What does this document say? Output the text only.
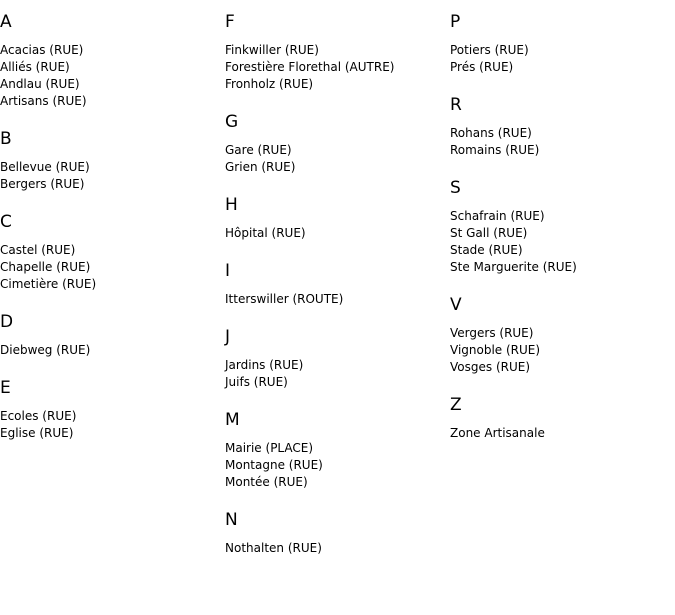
A
Acacias (RUE)
Alliés (RUE)
Andlau (RUE)
Artisans (RUE)
B
Bellevue (RUE)
Bergers (RUE)
C
Castel (RUE)
Chapelle (RUE)
Cimetière (RUE)
D
Diebweg (RUE)
E
Ecoles (RUE)
Eglise (RUE)
F
Finkwiller (RUE)
Forestière Florethal (AUTRE)
Fronholz (RUE)
G
Gare (RUE)
Grien (RUE)
H
Hôpital (RUE)
I
Itterswiller (ROUTE)
J
Jardins (RUE)
Juifs (RUE)
M
Mairie (PLACE)
Montagne (RUE)
Montée (RUE)
N
Nothalten (RUE)
P
Potiers (RUE)
Prés (RUE)
R
Rohans (RUE)
Romains (RUE)
S
Schafrain (RUE)
St Gall (RUE)
Stade (RUE)
Ste Marguerite (RUE)
V
Vergers (RUE)
Vignoble (RUE)
Vosges (RUE)
Z
Zone Artisanale
